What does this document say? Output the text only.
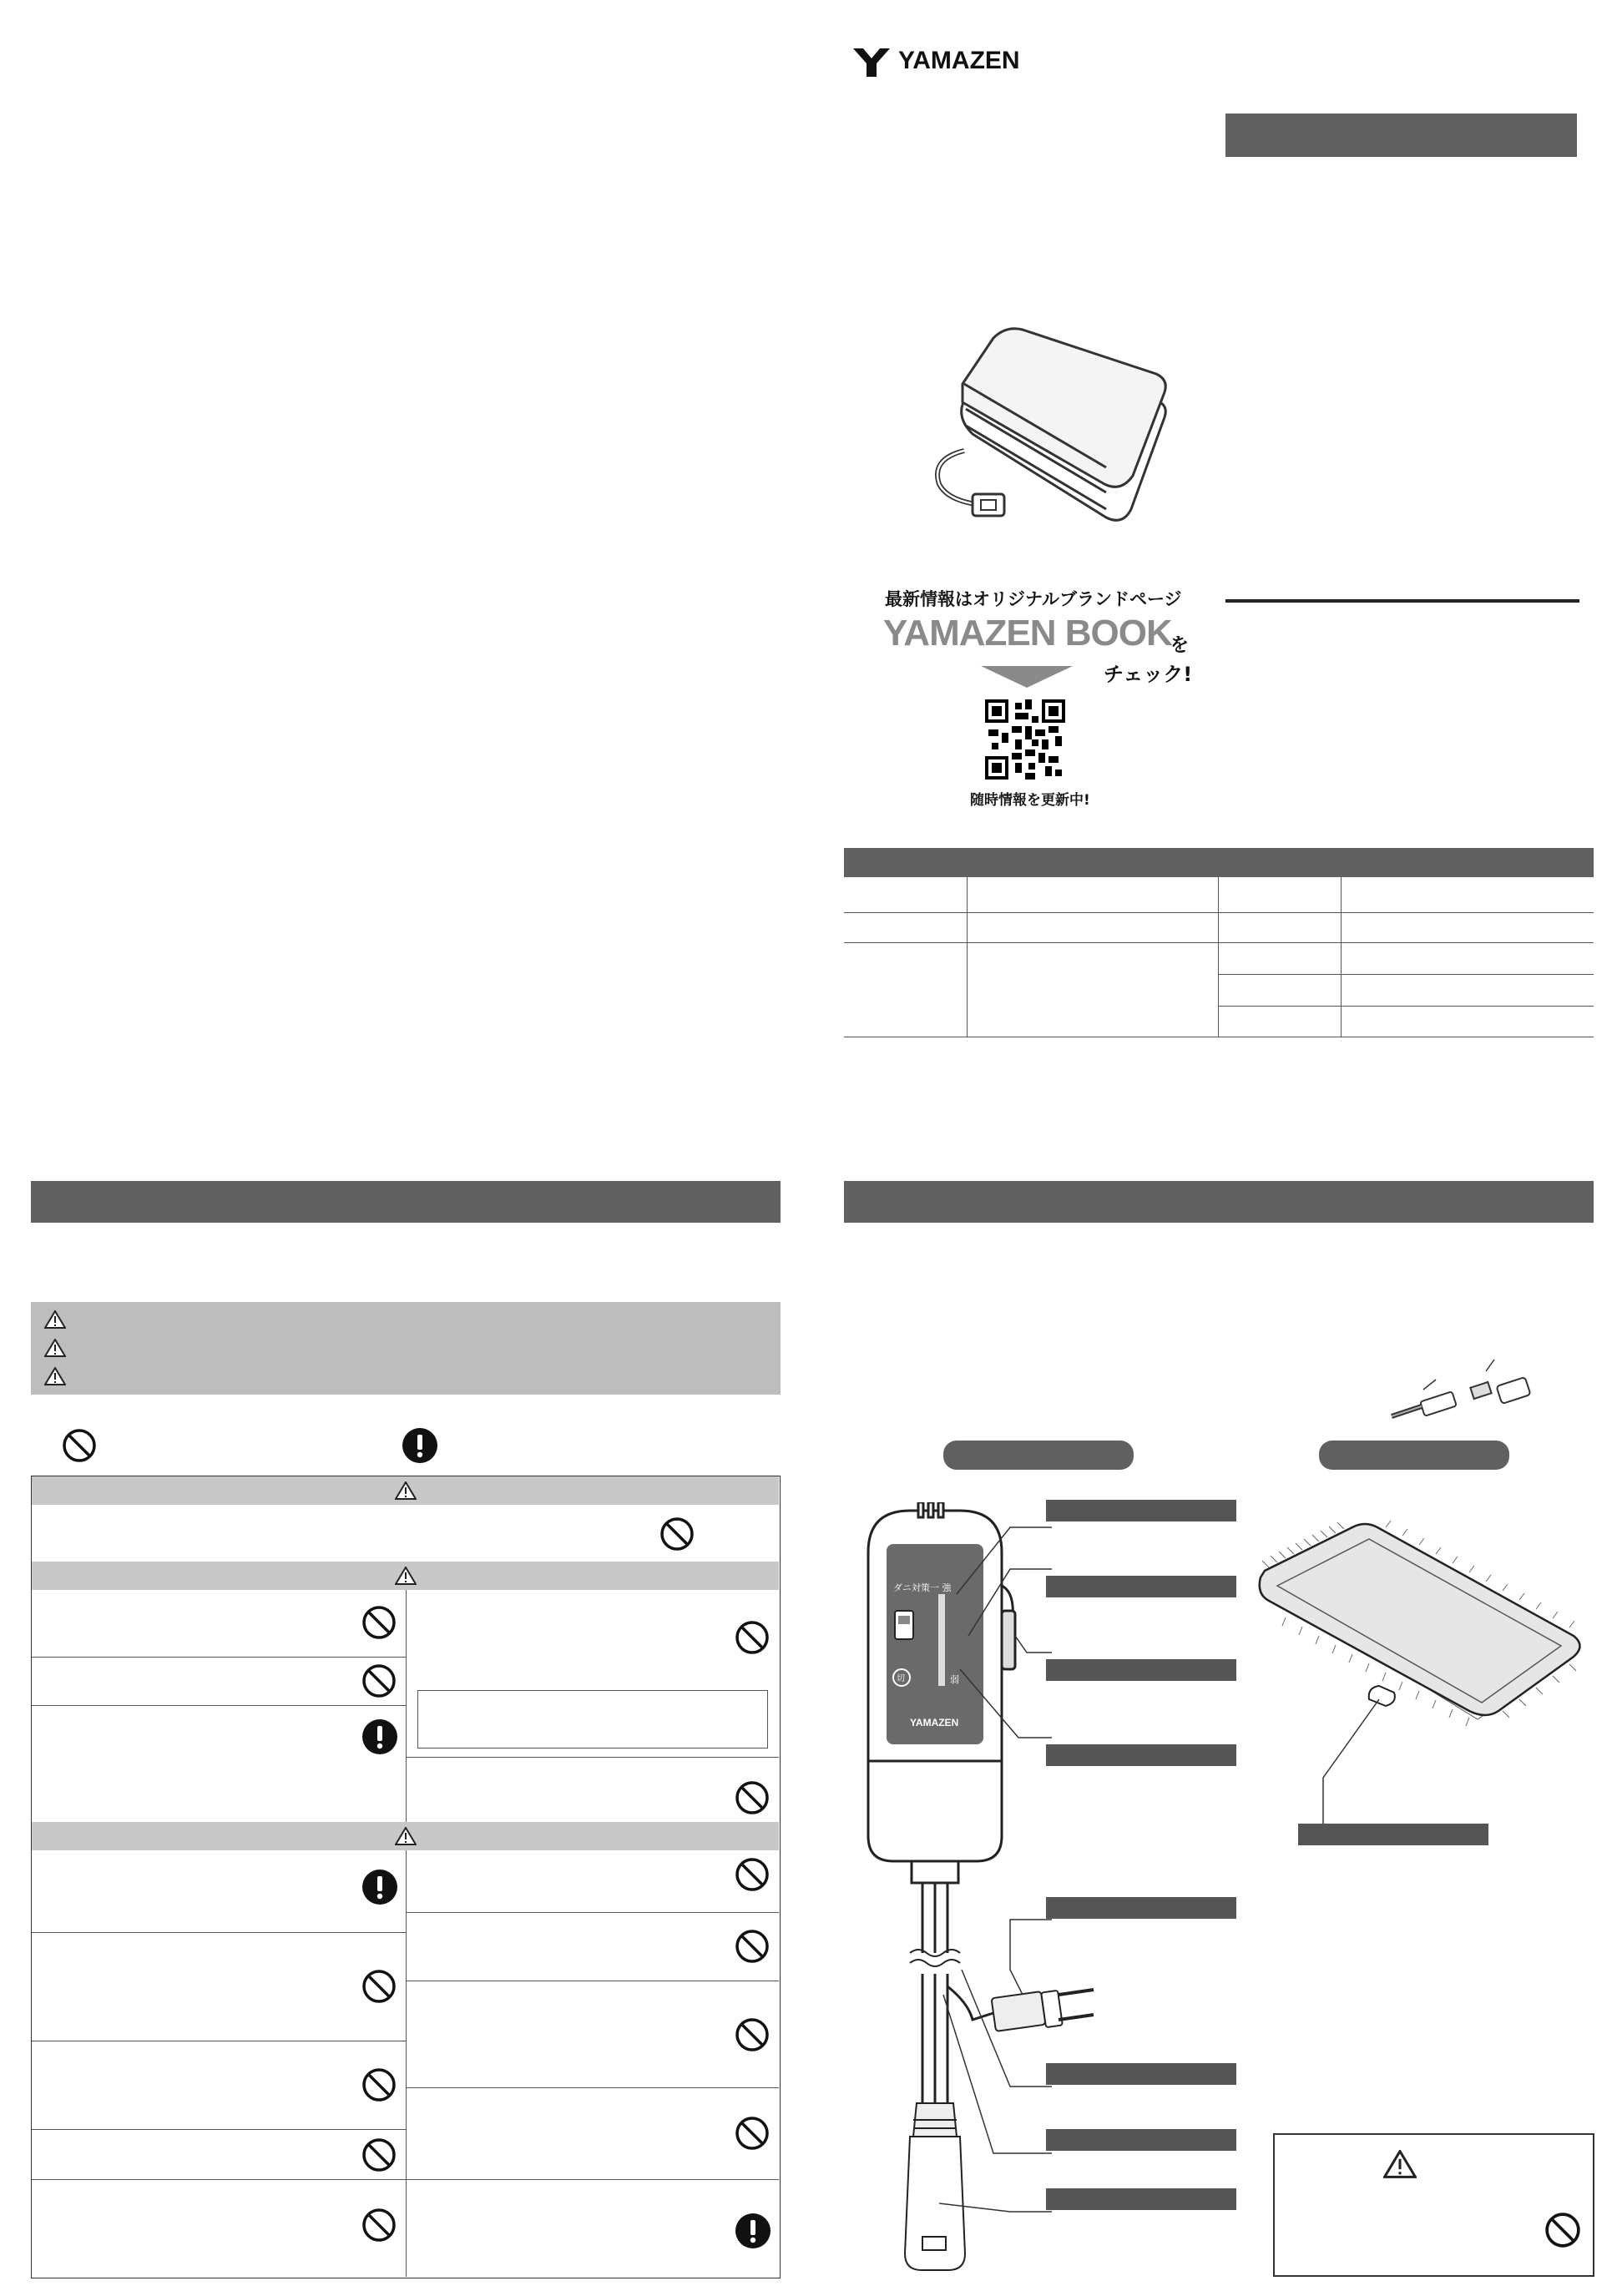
YAMAZEN
最新情報はオリジナルブランドページ
YAMAZEN BOOK
を
チェック!
随時情報を更新中!
ダニ対策一 強
弱
切
YAMAZEN
